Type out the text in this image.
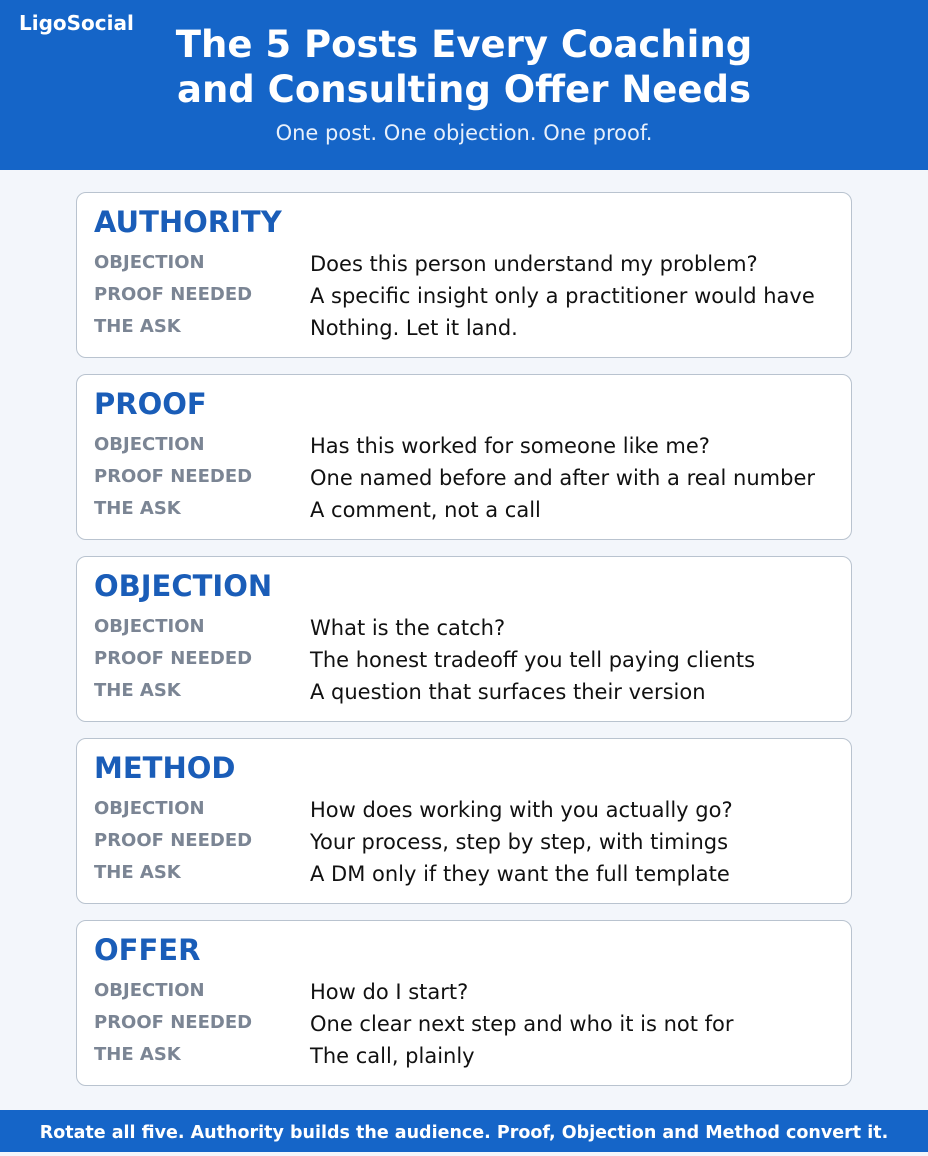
LigoSocial	The 5 Posts Every Coaching
and Consulting Offer Needs
One post. One objection. One proof.
AUTHORITY
OBJECTION	Does this person understand my problem?
PROOF NEEDED	A specific insight only a practitioner would have
THE ASK	Nothing. Let it land.
PROOF
OBJECTION	Has this worked for someone like me?
PROOF NEEDED	One named before and after with a real number
THE ASK	A comment, not a call
OBJECTION
OBJECTION	What is the catch?
PROOF NEEDED	The honest tradeoff you tell paying clients
THE ASK	A question that surfaces their version
METHOD
OBJECTION	How does working with you actually go?
PROOF NEEDED	Your process, step by step, with timings
THE ASK	A DM only if they want the full template
OFFER
OBJECTION	How do I start?
PROOF NEEDED	One clear next step and who it is not for
THE ASK	The call, plainly
Rotate all five. Authority builds the audience. Proof, Objection and Method convert it.
